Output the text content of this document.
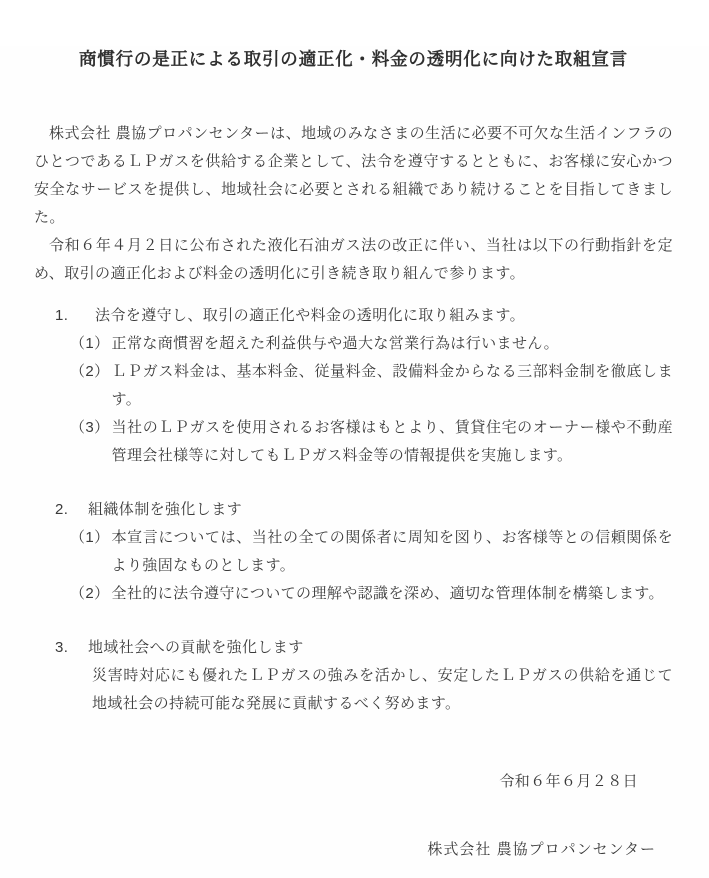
商慣行の是正による取引の適正化・料金の透明化に向けた取組宣言

株式会社 農協プロパンセンターは、地域のみなさまの生活に必要不可欠な生活インフラのひとつであるＬＰガスを供給する企業として、法令を遵守するとともに、お客様に安心かつ安全なサービスを提供し、地域社会に必要とされる組織であり続けることを目指してきました。

令和６年４月２日に公布された液化石油ガス法の改正に伴い、当社は以下の行動指針を定め、取引の適正化および料金の透明化に引き続き取り組んで参ります。

1.	法令を遵守し、取引の適正化や料金の透明化に取り組みます。
（1） 正常な商慣習を超えた利益供与や過大な営業行為は行いません。

（2） ＬＰガス料金は、基本料金、従量料金、設備料金からなる三部料金制を徹底します。

（3） 当社のＬＰガスを使用されるお客様はもとより、賃貸住宅のオーナー様や不動産管理会社様等に対してもＬＰガス料金等の情報提供を実施します。

2.	組織体制を強化します
（1） 本宣言については、当社の全ての関係者に周知を図り、お客様等との信頼関係をより強固なものとします。

（2） 全社的に法令遵守についての理解や認識を深め、適切な管理体制を構築します。

3.	地域社会への貢献を強化します

災害時対応にも優れたＬＰガスの強みを活かし、安定したＬＰガスの供給を通じて地域社会の持続可能な発展に貢献するべく努めます。

令和６年６月２８日

株式会社 農協プロパンセンター
